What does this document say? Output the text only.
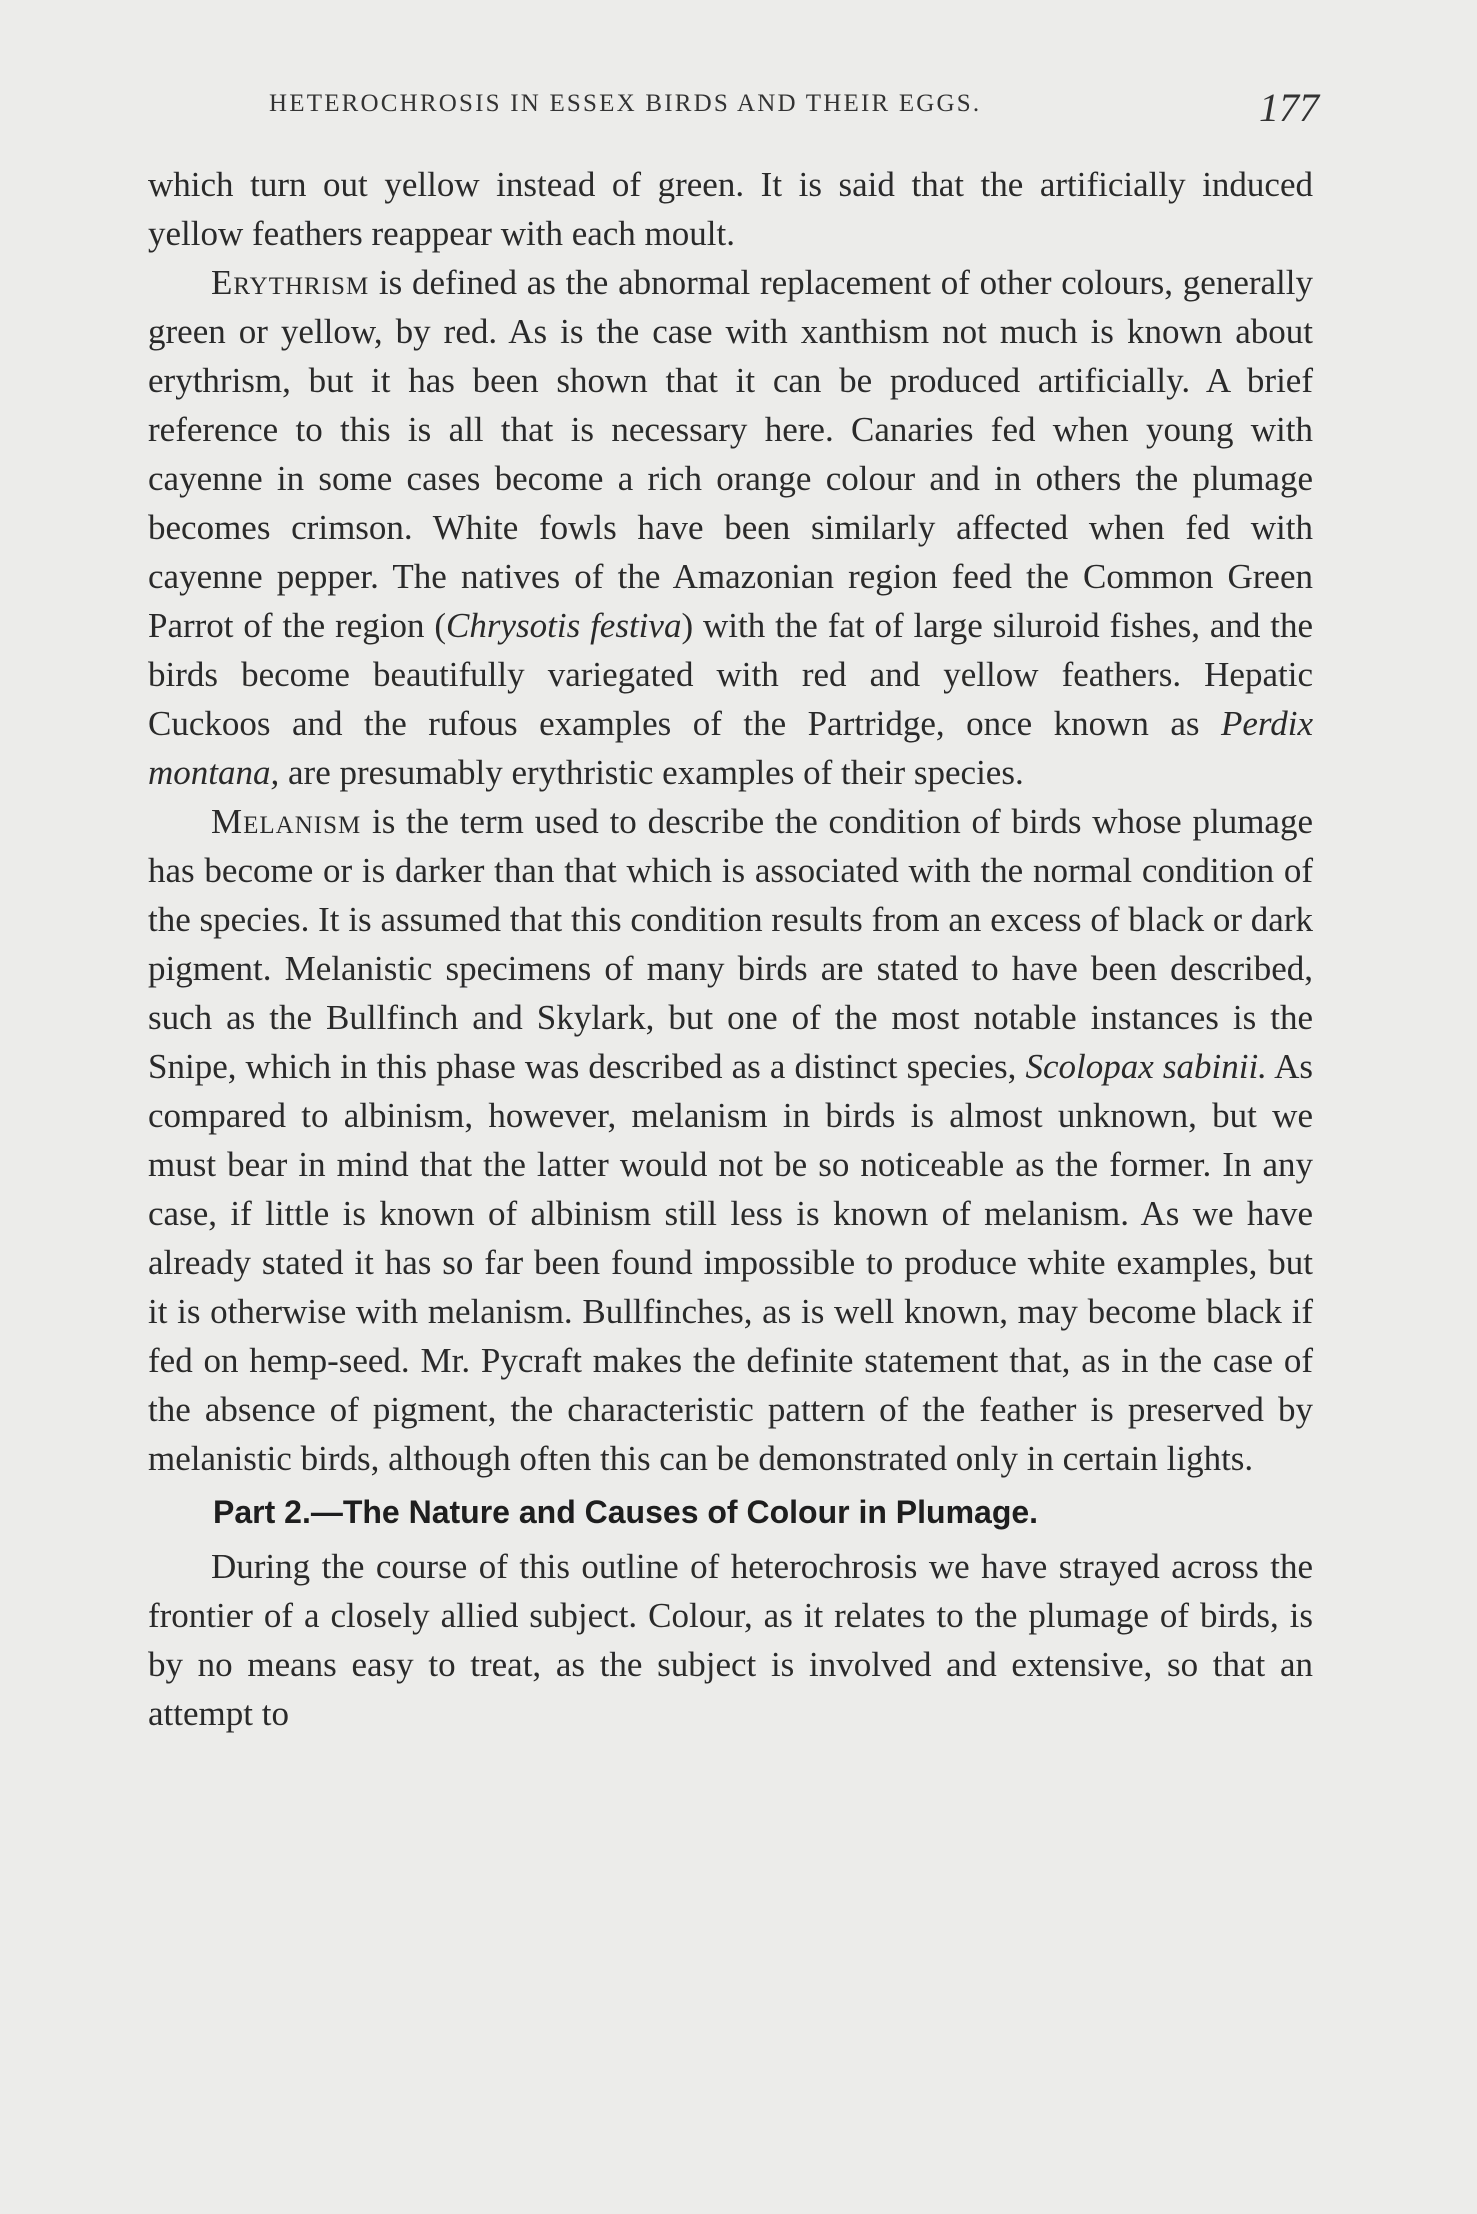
HETEROCHROSIS IN ESSEX BIRDS AND THEIR EGGS.	177

which turn out yellow instead of green. It is said that the artificially induced yellow feathers reappear with each moult.

Erythrism is defined as the abnormal replacement of other colours, generally green or yellow, by red. As is the case with xanthism not much is known about erythrism, but it has been shown that it can be produced artificially. A brief reference to this is all that is necessary here. Canaries fed when young with cayenne in some cases become a rich orange colour and in others the plumage becomes crimson. White fowls have been similarly affected when fed with cayenne pepper. The natives of the Amazonian region feed the Common Green Parrot of the region (Chrysotis festiva) with the fat of large siluroid fishes, and the birds become beautifully variegated with red and yellow feathers. Hepatic Cuckoos and the rufous examples of the Partridge, once known as Perdix montana, are presumably erythristic examples of their species.

Melanism is the term used to describe the condition of birds whose plumage has become or is darker than that which is associated with the normal condition of the species. It is assumed that this condition results from an excess of black or dark pigment. Melanistic specimens of many birds are stated to have been described, such as the Bullfinch and Skylark, but one of the most notable instances is the Snipe, which in this phase was described as a distinct species, Scolopax sabinii. As compared to albinism, however, melanism in birds is almost unknown, but we must bear in mind that the latter would not be so noticeable as the former. In any case, if little is known of albinism still less is known of melanism. As we have already stated it has so far been found impossible to produce white examples, but it is otherwise with melanism. Bullfinches, as is well known, may become black if fed on hemp-seed. Mr. Pycraft makes the definite statement that, as in the case of the absence of pigment, the characteristic pattern of the feather is preserved by melanistic birds, although often this can be demonstrated only in certain lights.

Part 2.—The Nature and Causes of Colour in Plumage.

During the course of this outline of heterochrosis we have strayed across the frontier of a closely allied subject. Colour, as it relates to the plumage of birds, is by no means easy to treat, as the subject is involved and extensive, so that an attempt to
